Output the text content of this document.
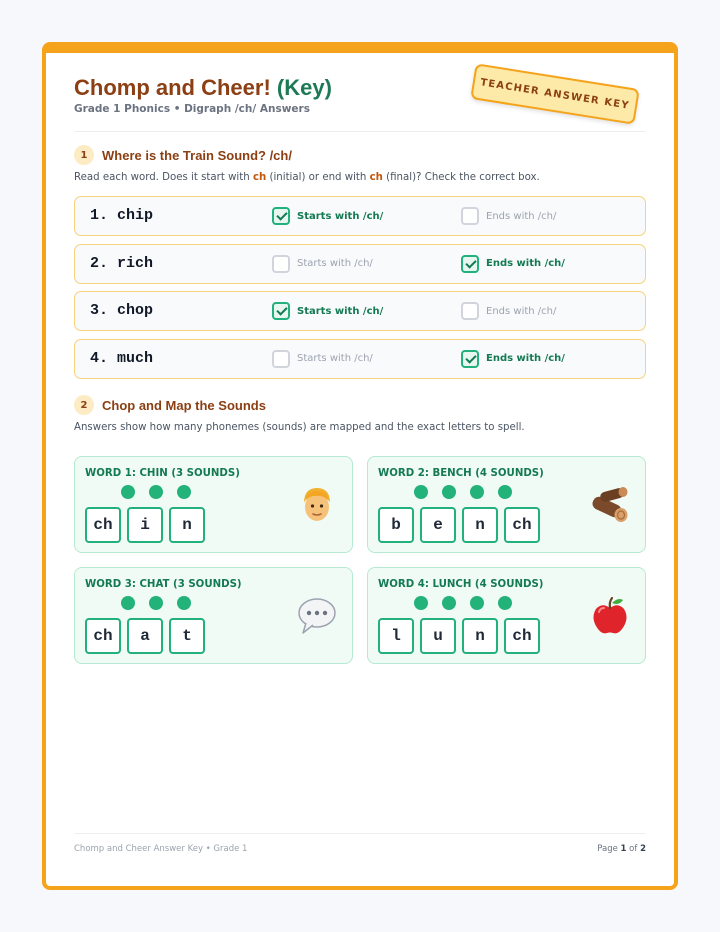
Chomp and Cheer! (Key)
Grade 1 Phonics • Digraph /ch/ Answers	TEACHER ANSWER KEY
1	Where is the Train Sound? /ch/
Read each word. Does it start with ch (initial) or end with ch (final)? Check the correct box.
1. chip	Starts with /ch/	Ends with /ch/
2. rich	Starts with /ch/	Ends with /ch/
3. chop	Starts with /ch/	Ends with /ch/
4. much	Starts with /ch/	Ends with /ch/
2	Chop and Map the Sounds
Answers show how many phonemes (sounds) are mapped and the exact letters to spell.
WORD 1: CHIN (3 SOUNDS)
ch	i	n
WORD 2: BENCH (4 SOUNDS)
b	e	n	ch
WORD 3: CHAT (3 SOUNDS)
ch	a	t
WORD 4: LUNCH (4 SOUNDS)
l	u	n	ch
Chomp and Cheer Answer Key • Grade 1	Page 1 of 2
